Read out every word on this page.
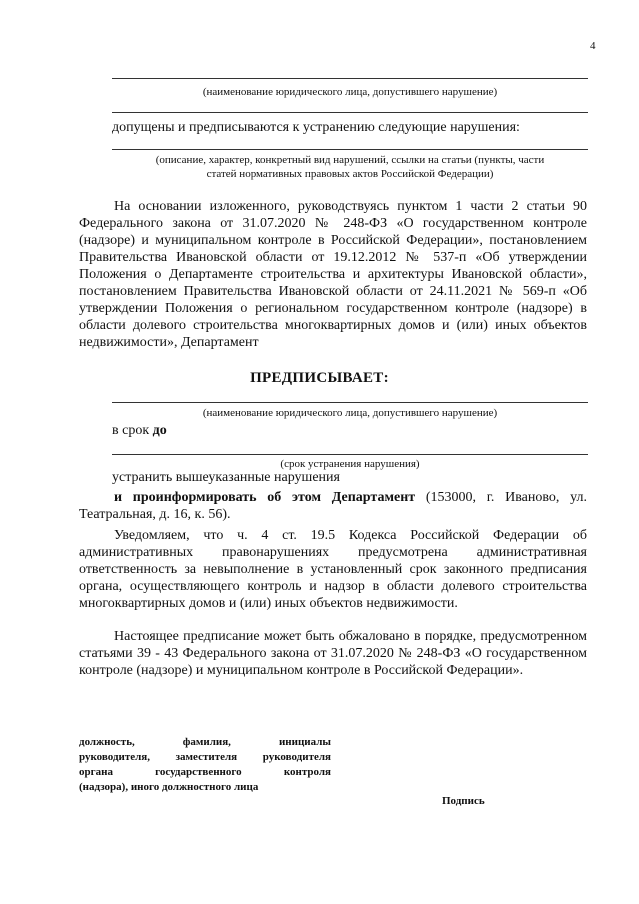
4
(наименование юридического лица, допустившего нарушение)
допущены и предписываются к устранению следующие нарушения:
(описание, характер, конкретный вид нарушений, ссылки на статьи (пункты, части
статей нормативных правовых актов Российской Федерации)
На основании изложенного, руководствуясь пунктом 1 части 2 статьи 90 Федерального закона от 31.07.2020 № 248-ФЗ «О государственном контроле (надзоре) и муниципальном контроле в Российской Федерации», постановлением Правительства Ивановской области от 19.12.2012 № 537-п «Об утверждении Положения о Департаменте строительства и архитектуры Ивановской области», постановлением Правительства Ивановской области от 24.11.2021 № 569-п «Об утверждении Положения о региональном государственном контроле (надзоре) в области долевого строительства многоквартирных домов и (или) иных объектов недвижимости», Департамент
ПРЕДПИСЫВАЕТ:
(наименование юридического лица, допустившего нарушение)
в срок до
(срок устранения нарушения)
устранить вышеуказанные нарушения
и проинформировать об этом Департамент (153000, г. Иваново, ул. Театральная, д. 16, к. 56).
Уведомляем, что ч. 4 ст. 19.5 Кодекса Российской Федерации об административных правонарушениях предусмотрена административная ответственность за невыполнение в установленный срок законного предписания органа, осуществляющего контроль и надзор в области долевого строительства многоквартирных домов и (или) иных объектов недвижимости.
Настоящее предписание может быть обжаловано в порядке, предусмотренном статьями 39 - 43 Федерального закона от 31.07.2020 № 248-ФЗ «О государственном контроле (надзоре) и муниципальном контроле в Российской Федерации».
должность, фамилия, инициалы
руководителя, заместителя руководителя
органа государственного контроля
(надзора), иного должностного лица
Подпись
